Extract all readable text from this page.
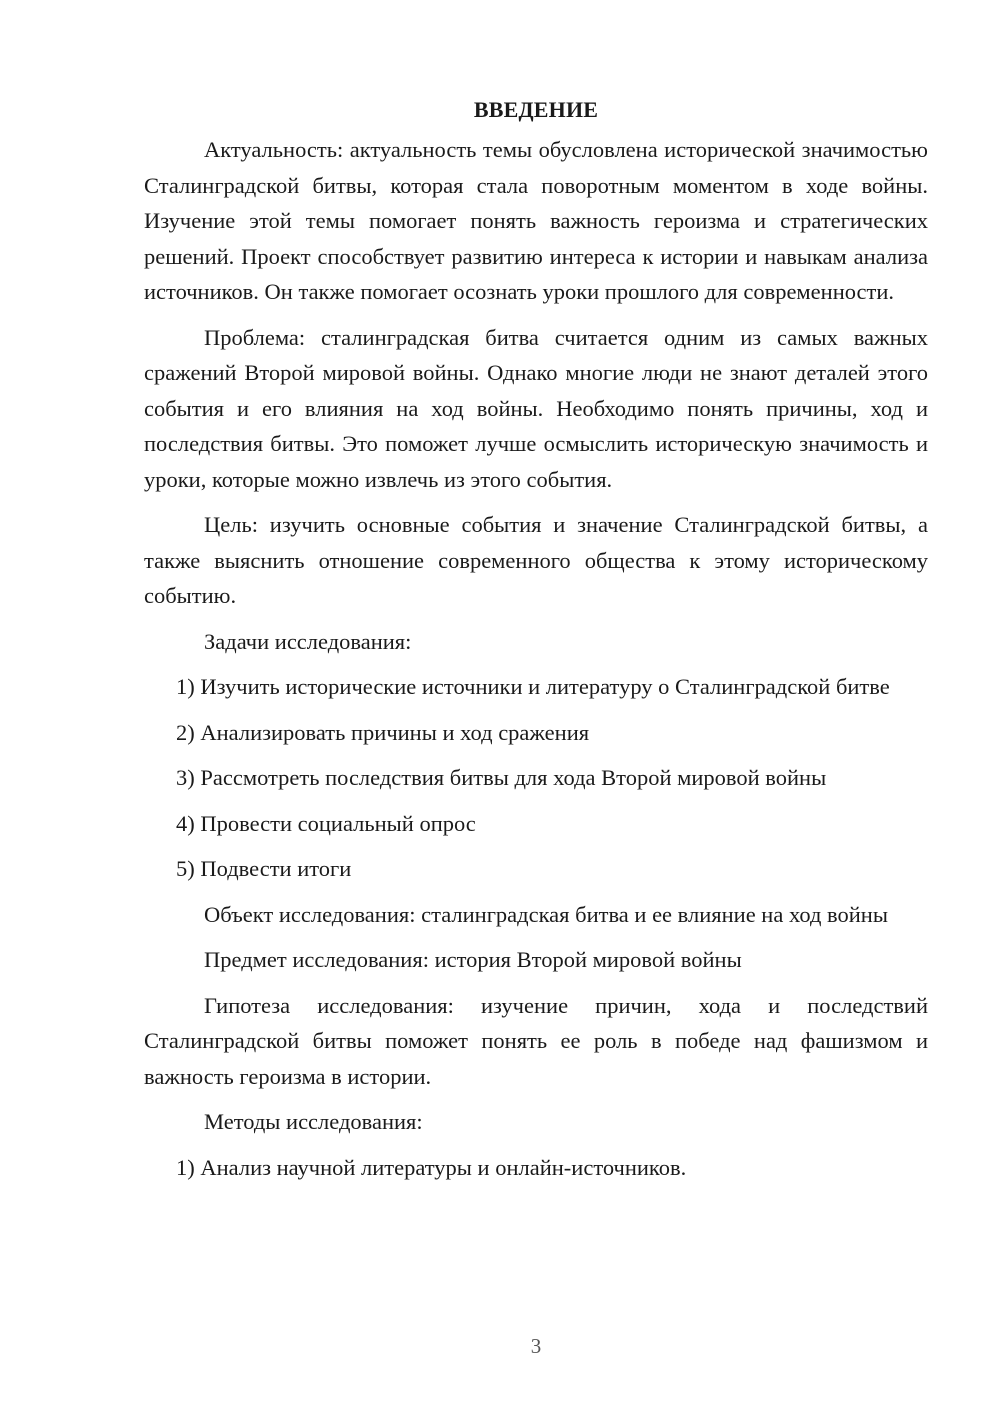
ВВЕДЕНИЕ

Актуальность: актуальность темы обусловлена исторической значимостью Сталинградской битвы, которая стала поворотным моментом в ходе войны. Изучение этой темы помогает понять важность героизма и стратегических решений. Проект способствует развитию интереса к истории и навыкам анализа источников. Он также помогает осознать уроки прошлого для современности.

Проблема: сталинградская битва считается одним из самых важных сражений Второй мировой войны. Однако многие люди не знают деталей этого события и его влияния на ход войны. Необходимо понять причины, ход и последствия битвы. Это поможет лучше осмыслить историческую значимость и уроки, которые можно извлечь из этого события.

Цель: изучить основные события и значение Сталинградской битвы, а также выяснить отношение современного общества к этому историческому событию.

Задачи исследования:

1) Изучить исторические источники и литературу о Сталинградской битве

2) Анализировать причины и ход сражения

3) Рассмотреть последствия битвы для хода Второй мировой войны

4) Провести социальный опрос

5) Подвести итоги

Объект исследования: сталинградская битва и ее влияние на ход войны

Предмет исследования: история Второй мировой войны

Гипотеза исследования: изучение причин, хода и последствий Сталинградской битвы поможет понять ее роль в победе над фашизмом и важность героизма в истории.

Методы исследования:

1) Анализ научной литературы и онлайн-источников.

3
